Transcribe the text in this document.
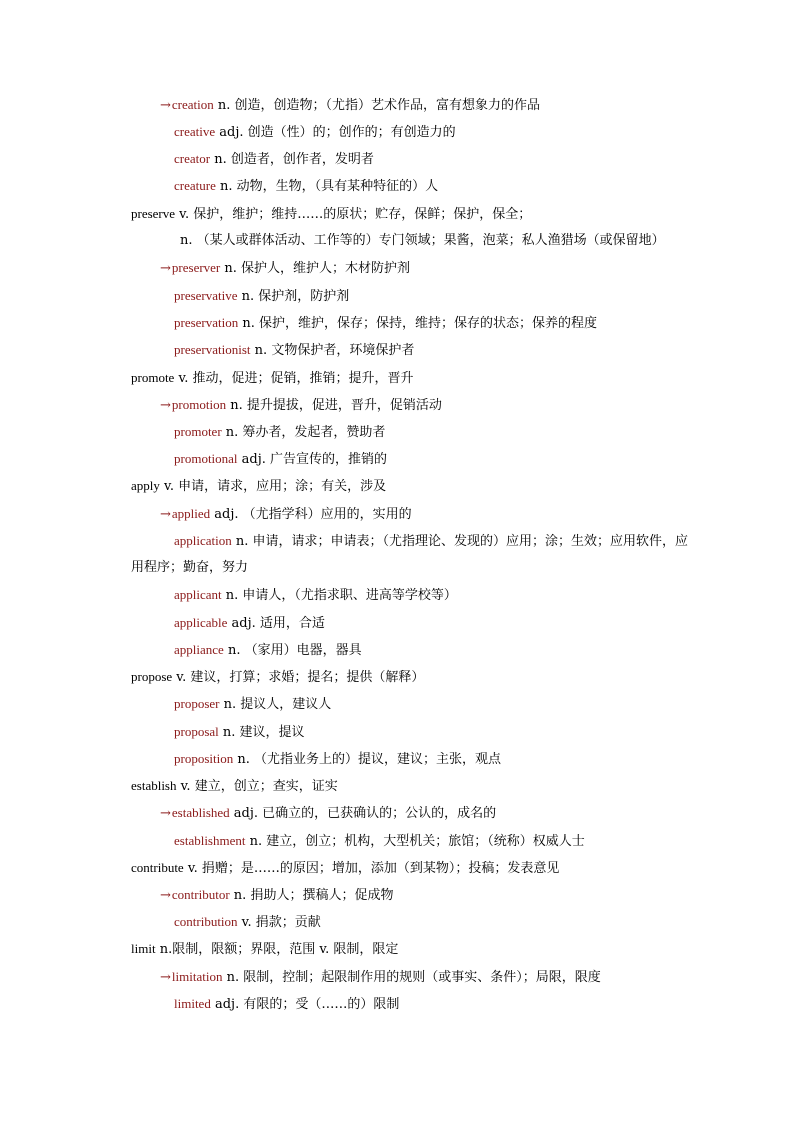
→creation n. 创造，创造物；（尤指）艺术作品，富有想象力的作品
creative adj. 创造（性）的；创作的；有创造力的
creator n. 创造者，创作者，发明者
creature n. 动物，生物，（具有某种特征的）人
preserve v. 保护，维护；维持……的原状；贮存，保鲜；保护，保全；
n. （某人或群体活动、工作等的）专门领域；果酱，泡菜；私人渔猎场（或保留地）
→preserver n. 保护人，维护人；木材防护剂
preservative n. 保护剂，防护剂
preservation n. 保护，维护，保存；保持，维持；保存的状态；保养的程度
preservationist n. 文物保护者，环境保护者
promote v. 推动，促进；促销，推销；提升，晋升
→promotion n. 提升提拔，促进，晋升，促销活动
promoter n. 筹办者，发起者，赞助者
promotional adj. 广告宣传的，推销的
apply v. 申请，请求，应用；涂；有关，涉及
→applied adj. （尤指学科）应用的，实用的
application n. 申请，请求；申请表；（尤指理论、发现的）应用；涂；生效；应用软件，应
用程序；勤奋，努力
applicant n. 申请人，（尤指求职、进高等学校等）
applicable adj. 适用，合适
appliance n. （家用）电器，器具
propose v. 建议，打算；求婚；提名；提供（解释）
proposer n. 提议人，建议人
proposal n. 建议，提议
proposition n. （尤指业务上的）提议，建议；主张，观点
establish v. 建立，创立；查实，证实
→established adj. 已确立的，已获确认的；公认的，成名的
establishment n. 建立，创立；机构，大型机关；旅馆；（统称）权威人士
contribute v. 捐赠；是……的原因；增加，添加（到某物）；投稿；发表意见
→contributor n. 捐助人；撰稿人；促成物
contribution v. 捐款；贡献
limit n.限制，限额；界限，范围 v. 限制，限定
→limitation n. 限制，控制；起限制作用的规则（或事实、条件）；局限，限度
limited adj. 有限的；受（……的）限制
